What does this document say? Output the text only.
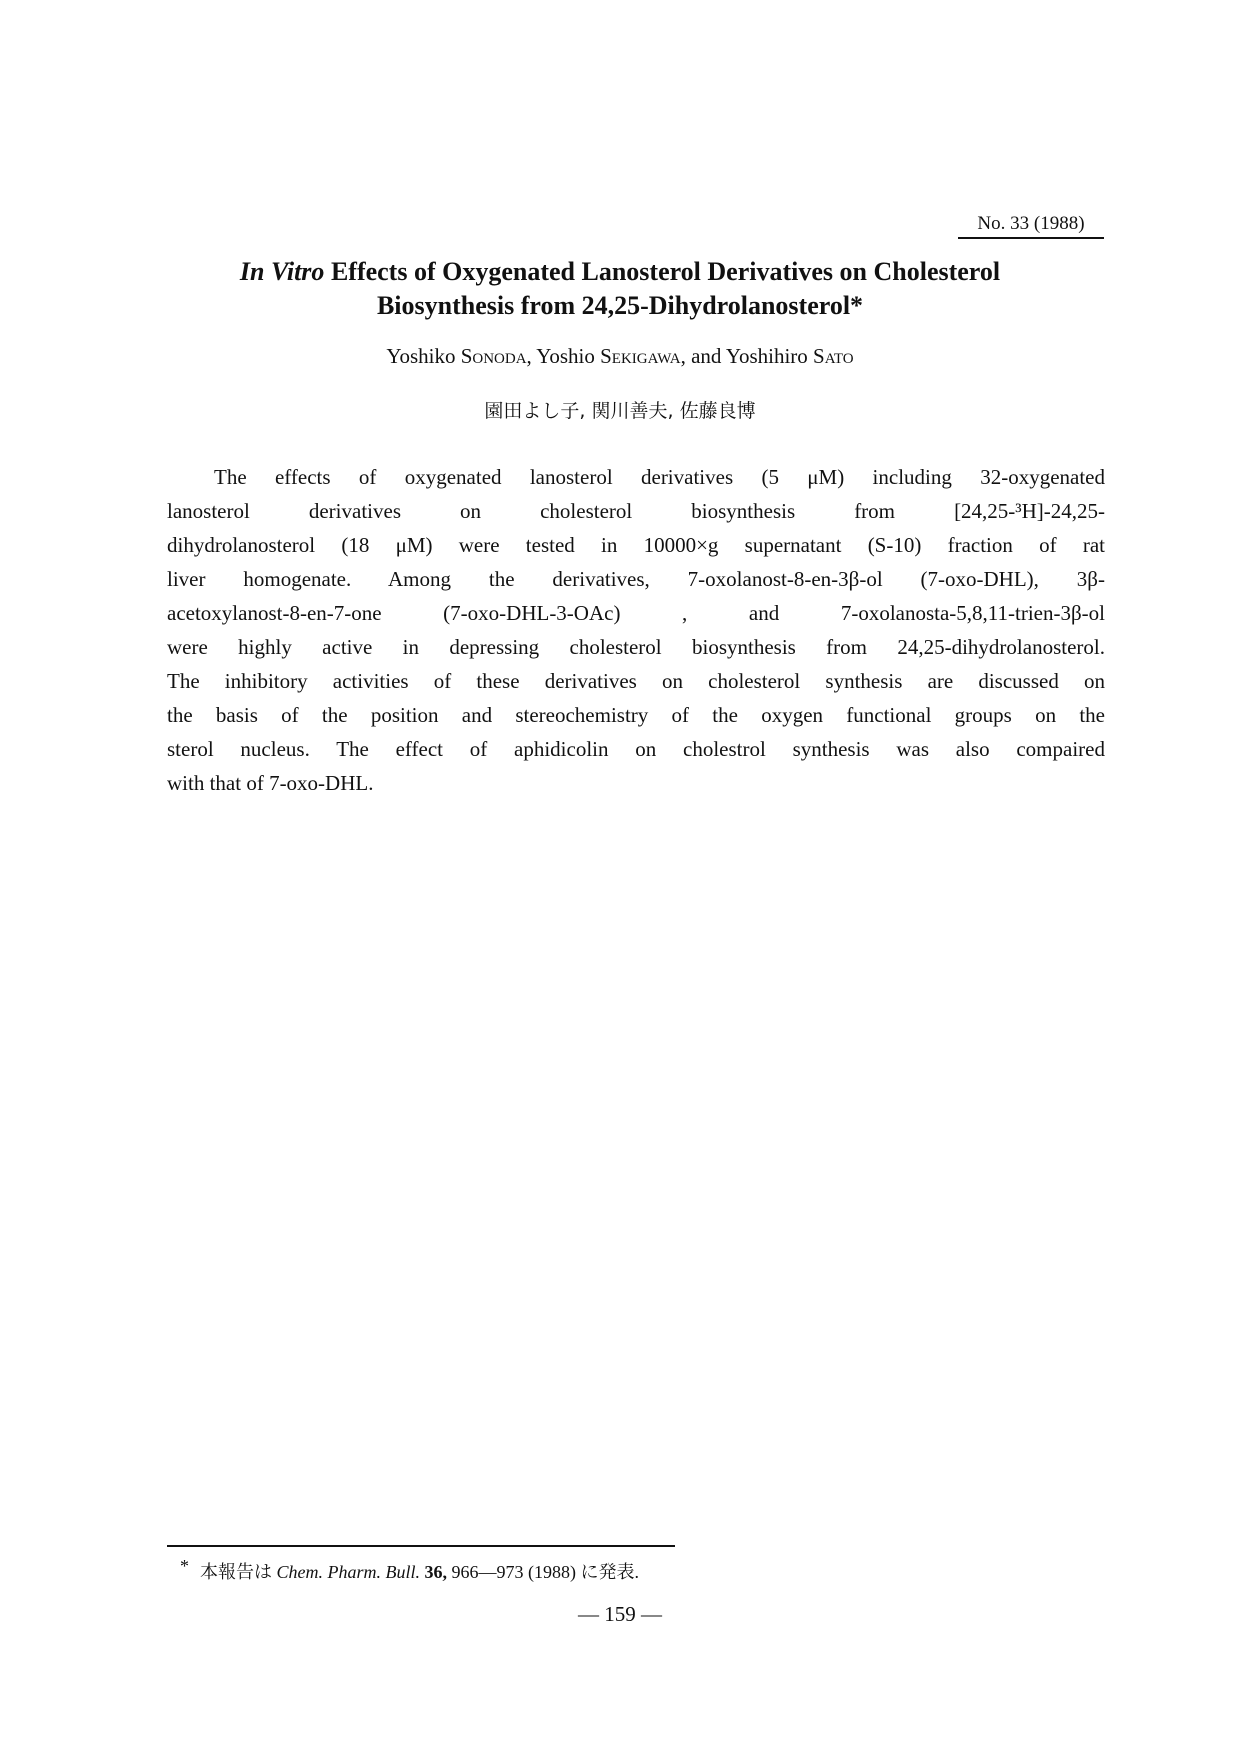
No. 33 (1988)
In Vitro Effects of Oxygenated Lanosterol Derivatives on Cholesterol
Biosynthesis from 24,25-Dihydrolanosterol*
Yoshiko Sonoda, Yoshio Sekigawa, and Yoshihiro Sato
園田よし子, 関川善夫, 佐藤良博
The effects of oxygenated lanosterol derivatives (5 μM) including 32-oxygenated
lanosterol derivatives on cholesterol biosynthesis from [24,25-³H]-24,25-
dihydrolanosterol (18 μM) were tested in 10000×g supernatant (S-10) fraction of rat
liver homogenate. Among the derivatives, 7-oxolanost-8-en-3β-ol (7-oxo-DHL), 3β-
acetoxylanost-8-en-7-one (7-oxo-DHL-3-OAc) , and 7-oxolanosta-5,8,11-trien-3β-ol
were highly active in depressing cholesterol biosynthesis from 24,25-dihydrolanosterol.
The inhibitory activities of these derivatives on cholesterol synthesis are discussed on
the basis of the position and stereochemistry of the oxygen functional groups on the
sterol nucleus. The effect of aphidicolin on cholestrol synthesis was also compaired
with that of 7-oxo-DHL.
* 本報告は Chem. Pharm. Bull. 36, 966—973 (1988) に発表.
— 159 —
